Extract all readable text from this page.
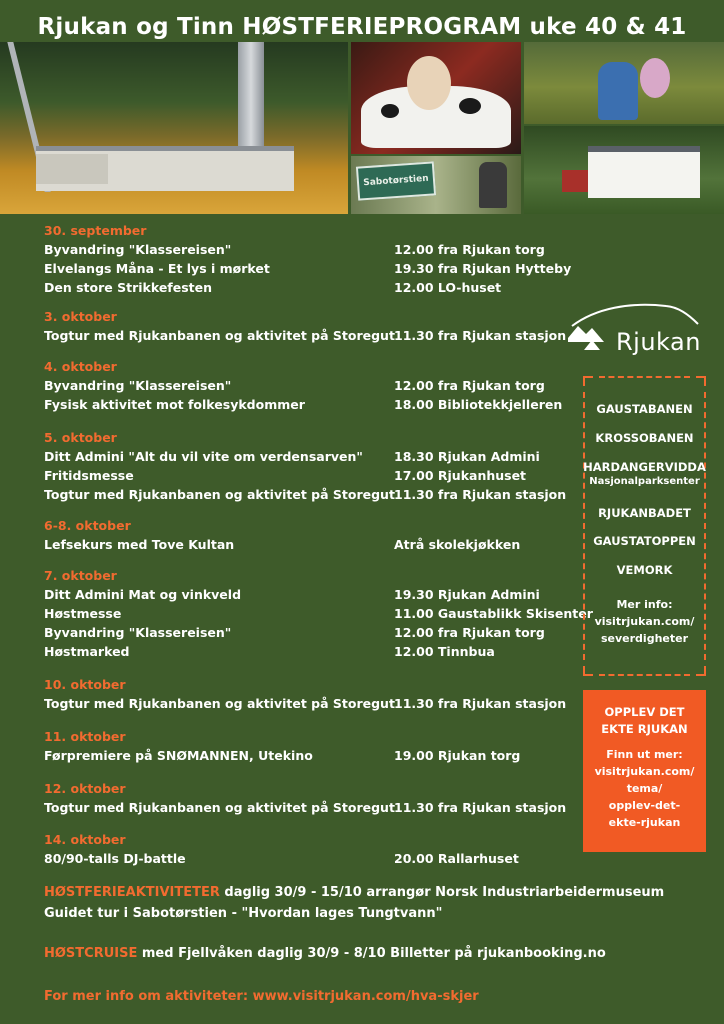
Rjukan og Tinn HØSTFERIEPROGRAM uke 40 & 41
Sabotørstien
30. september
Byvandring "Klassereisen"	12.00 fra Rjukan torg
Elvelangs Måna - Et lys i mørket	19.30 fra Rjukan Hytteby
Den store Strikkefesten	12.00 LO-huset
3. oktober
Togtur med Rjukanbanen og aktivitet på Storegut 11.30 fra Rjukan stasjon
4. oktober
Byvandring "Klassereisen"	12.00 fra Rjukan torg
Fysisk aktivitet mot folkesykdommer	18.00 Bibliotekkjelleren
5. oktober
Ditt Admini "Alt du vil vite om verdensarven" 18.30 Rjukan Admini
Fritidsmesse	17.00 Rjukanhuset
Togtur med Rjukanbanen og aktivitet på Storegut 11.30 fra Rjukan stasjon
6-8. oktober
Lefsekurs med Tove Kultan	Atrå skolekjøkken
7. oktober
Ditt Admini Mat og vinkveld	19.30 Rjukan Admini
Høstmesse	11.00 Gaustablikk Skisenter
Byvandring "Klassereisen"	12.00 fra Rjukan torg
Høstmarked	12.00 Tinnbua
10. oktober
Togtur med Rjukanbanen og aktivitet på Storegut 11.30 fra Rjukan stasjon
11. oktober
Førpremiere på SNØMANNEN, Utekino	19.00 Rjukan torg
12. oktober
Togtur med Rjukanbanen og aktivitet på Storegut 11.30 fra Rjukan stasjon
14. oktober
80/90-talls DJ-battle	20.00 Rallarhuset
Rjukan
GAUSTABANEN
KROSSOBANEN
HARDANGERVIDDA
Nasjonalparksenter
RJUKANBADET
GAUSTATOPPEN
VEMORK
Mer info:
visitrjukan.com/
severdigheter
OPPLEV DET
EKTE RJUKAN
Finn ut mer:
visitrjukan.com/
tema/
opplev-det-
ekte-rjukan
HØSTFERIEAKTIVITETER daglig 30/9 - 15/10 arrangør Norsk Industriarbeidermuseum
Guidet tur i Sabotørstien - "Hvordan lages Tungtvann"
HØSTCRUISE med Fjellvåken daglig 30/9 - 8/10 Billetter på rjukanbooking.no
For mer info om aktiviteter: www.visitrjukan.com/hva-skjer
